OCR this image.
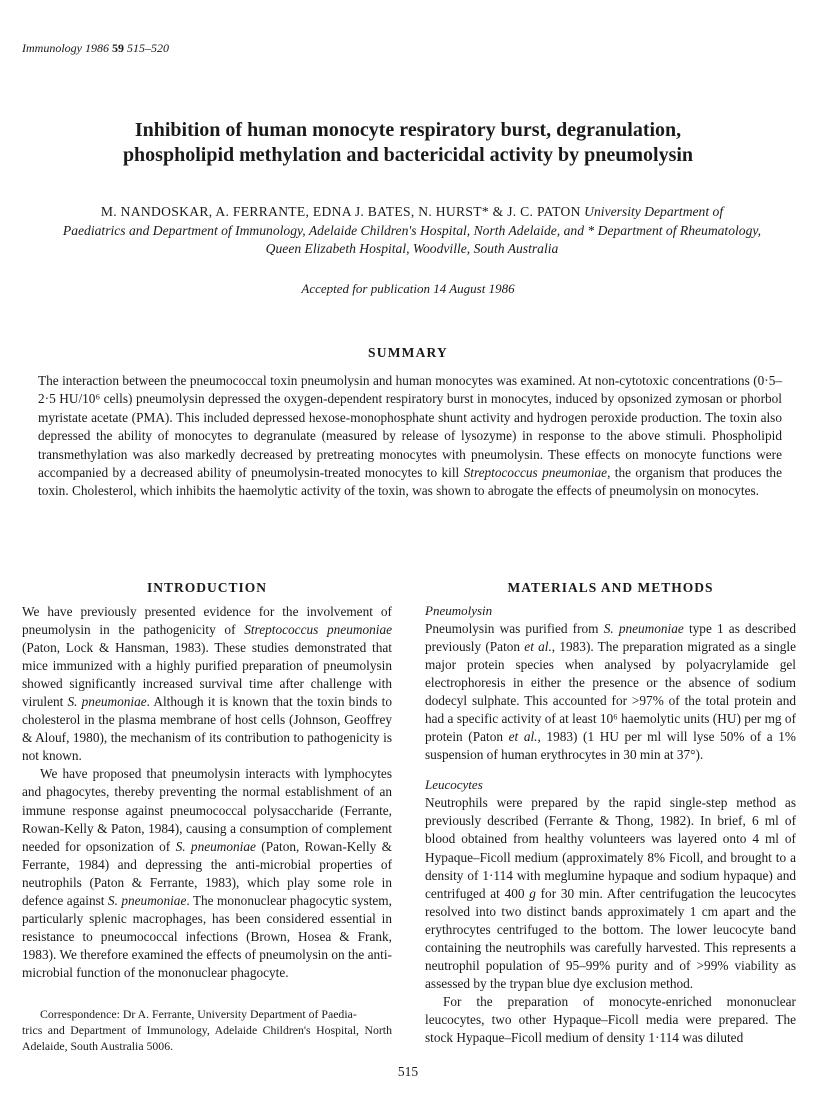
Immunology 1986 59 515–520
Inhibition of human monocyte respiratory burst, degranulation,
phospholipid methylation and bactericidal activity by pneumolysin
M. NANDOSKAR, A. FERRANTE, EDNA J. BATES, N. HURST* & J. C. PATON University Department of
Paediatrics and Department of Immunology, Adelaide Children's Hospital, North Adelaide, and * Department of Rheumatology,
Queen Elizabeth Hospital, Woodville, South Australia
Accepted for publication 14 August 1986
SUMMARY
The interaction between the pneumococcal toxin pneumolysin and human monocytes was examined. At non-cytotoxic concentrations (0·5–2·5 HU/10⁶ cells) pneumolysin depressed the oxygen-dependent respiratory burst in monocytes, induced by opsonized zymosan or phorbol myristate acetate (PMA). This included depressed hexose-monophosphate shunt activity and hydrogen peroxide production. The toxin also depressed the ability of monocytes to degranulate (measured by release of lysozyme) in response to the above stimuli. Phospholipid transmethylation was also markedly decreased by pretreating monocytes with pneumolysin. These effects on monocyte functions were accompanied by a decreased ability of pneumolysin-treated monocytes to kill Streptococcus pneumoniae, the organism that produces the toxin. Cholesterol, which inhibits the haemolytic activity of the toxin, was shown to abrogate the effects of pneumolysin on monocytes.
INTRODUCTION

We have previously presented evidence for the involvement of pneumolysin in the pathogenicity of Streptococcus pneumoniae (Paton, Lock & Hansman, 1983). These studies demonstrated that mice immunized with a highly purified preparation of pneumolysin showed significantly increased survival time after challenge with virulent S. pneumoniae. Although it is known that the toxin binds to cholesterol in the plasma membrane of host cells (Johnson, Geoffrey & Alouf, 1980), the mechanism of its contribution to pathogenicity is not known.

We have proposed that pneumolysin interacts with lymphocytes and phagocytes, thereby preventing the normal establishment of an immune response against pneumococcal polysaccharide (Ferrante, Rowan-Kelly & Paton, 1984), causing a consumption of complement needed for opsonization of S. pneumoniae (Paton, Rowan-Kelly & Ferrante, 1984) and depressing the anti-microbial properties of neutrophils (Paton & Ferrante, 1983), which play some role in defence against S. pneumoniae. The mononuclear phagocytic system, particularly splenic macrophages, has been considered essential in resistance to pneumococcal infections (Brown, Hosea & Frank, 1983). We therefore examined the effects of pneumolysin on the anti-microbial function of the mononuclear phagocyte.

Correspondence: Dr A. Ferrante, University Department of Paedia-
trics and Department of Immunology, Adelaide Children's Hospital, North Adelaide, South Australia 5006.
MATERIALS AND METHODS

Pneumolysin

Pneumolysin was purified from S. pneumoniae type 1 as described previously (Paton et al., 1983). The preparation migrated as a single major protein species when analysed by polyacrylamide gel electrophoresis in either the presence or the absence of sodium dodecyl sulphate. This accounted for >97% of the total protein and had a specific activity of at least 10⁶ haemolytic units (HU) per mg of protein (Paton et al., 1983) (1 HU per ml will lyse 50% of a 1% suspension of human erythrocytes in 30 min at 37°).

Leucocytes

Neutrophils were prepared by the rapid single-step method as previously described (Ferrante & Thong, 1982). In brief, 6 ml of blood obtained from healthy volunteers was layered onto 4 ml of Hypaque–Ficoll medium (approximately 8% Ficoll, and brought to a density of 1·114 with meglumine hypaque and sodium hypaque) and centrifuged at 400 g for 30 min. After centrifugation the leucocytes resolved into two distinct bands approximately 1 cm apart and the erythrocytes centrifuged to the bottom. The lower leucocyte band containing the neutrophils was carefully harvested. This represents a neutrophil population of 95–99% purity and of >99% viability as assessed by the trypan blue dye exclusion method.

For the preparation of monocyte-enriched mononuclear leucocytes, two other Hypaque–Ficoll media were prepared. The stock Hypaque–Ficoll medium of density 1·114 was diluted

515
